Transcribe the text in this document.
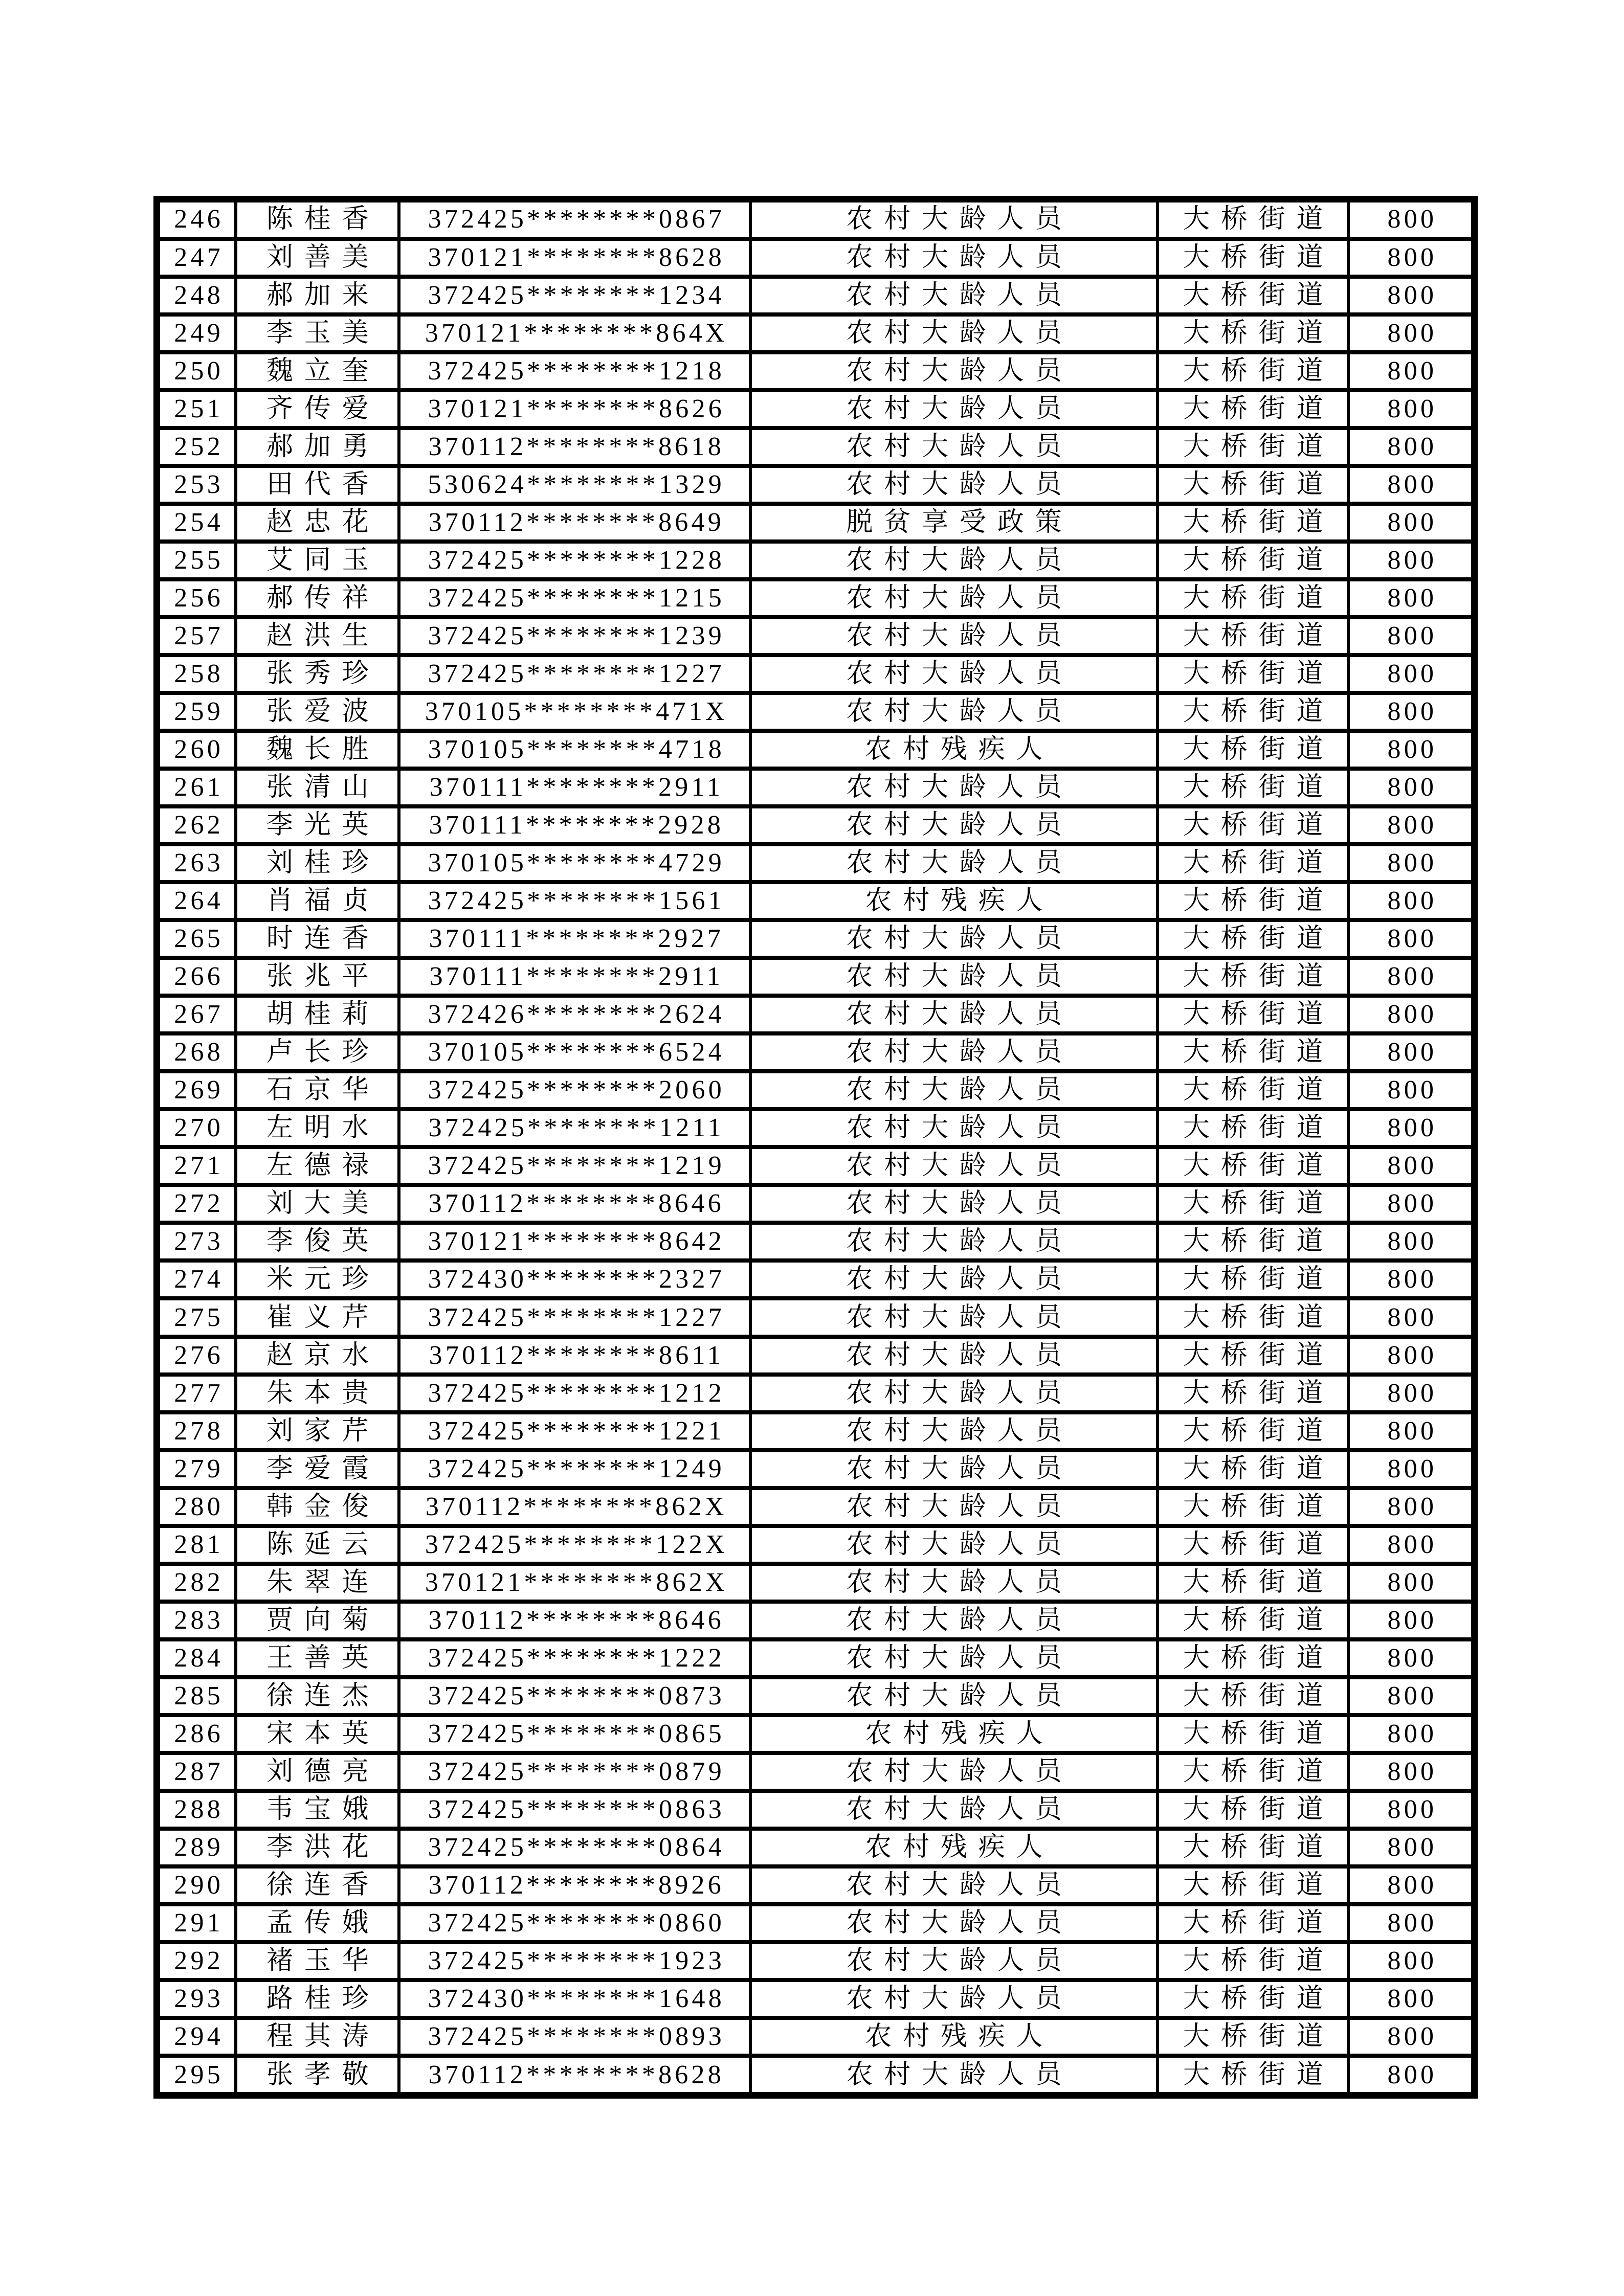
246	陈桂香	372425********0867	农村大龄人员	大桥街道	800
247	刘善美	370121********8628	农村大龄人员	大桥街道	800
248	郝加来	372425********1234	农村大龄人员	大桥街道	800
249	李玉美	370121********864X	农村大龄人员	大桥街道	800
250	魏立奎	372425********1218	农村大龄人员	大桥街道	800
251	齐传爱	370121********8626	农村大龄人员	大桥街道	800
252	郝加勇	370112********8618	农村大龄人员	大桥街道	800
253	田代香	530624********1329	农村大龄人员	大桥街道	800
254	赵忠花	370112********8649	脱贫享受政策	大桥街道	800
255	艾同玉	372425********1228	农村大龄人员	大桥街道	800
256	郝传祥	372425********1215	农村大龄人员	大桥街道	800
257	赵洪生	372425********1239	农村大龄人员	大桥街道	800
258	张秀珍	372425********1227	农村大龄人员	大桥街道	800
259	张爱波	370105********471X	农村大龄人员	大桥街道	800
260	魏长胜	370105********4718	农村残疾人	大桥街道	800
261	张清山	370111********2911	农村大龄人员	大桥街道	800
262	李光英	370111********2928	农村大龄人员	大桥街道	800
263	刘桂珍	370105********4729	农村大龄人员	大桥街道	800
264	肖福贞	372425********1561	农村残疾人	大桥街道	800
265	时连香	370111********2927	农村大龄人员	大桥街道	800
266	张兆平	370111********2911	农村大龄人员	大桥街道	800
267	胡桂莉	372426********2624	农村大龄人员	大桥街道	800
268	卢长珍	370105********6524	农村大龄人员	大桥街道	800
269	石京华	372425********2060	农村大龄人员	大桥街道	800
270	左明水	372425********1211	农村大龄人员	大桥街道	800
271	左德禄	372425********1219	农村大龄人员	大桥街道	800
272	刘大美	370112********8646	农村大龄人员	大桥街道	800
273	李俊英	370121********8642	农村大龄人员	大桥街道	800
274	米元珍	372430********2327	农村大龄人员	大桥街道	800
275	崔义芹	372425********1227	农村大龄人员	大桥街道	800
276	赵京水	370112********8611	农村大龄人员	大桥街道	800
277	朱本贵	372425********1212	农村大龄人员	大桥街道	800
278	刘家芹	372425********1221	农村大龄人员	大桥街道	800
279	李爱霞	372425********1249	农村大龄人员	大桥街道	800
280	韩金俊	370112********862X	农村大龄人员	大桥街道	800
281	陈延云	372425********122X	农村大龄人员	大桥街道	800
282	朱翠连	370121********862X	农村大龄人员	大桥街道	800
283	贾向菊	370112********8646	农村大龄人员	大桥街道	800
284	王善英	372425********1222	农村大龄人员	大桥街道	800
285	徐连杰	372425********0873	农村大龄人员	大桥街道	800
286	宋本英	372425********0865	农村残疾人	大桥街道	800
287	刘德亮	372425********0879	农村大龄人员	大桥街道	800
288	韦宝娥	372425********0863	农村大龄人员	大桥街道	800
289	李洪花	372425********0864	农村残疾人	大桥街道	800
290	徐连香	370112********8926	农村大龄人员	大桥街道	800
291	孟传娥	372425********0860	农村大龄人员	大桥街道	800
292	褚玉华	372425********1923	农村大龄人员	大桥街道	800
293	路桂珍	372430********1648	农村大龄人员	大桥街道	800
294	程其涛	372425********0893	农村残疾人	大桥街道	800
295	张孝敬	370112********8628	农村大龄人员	大桥街道	800
